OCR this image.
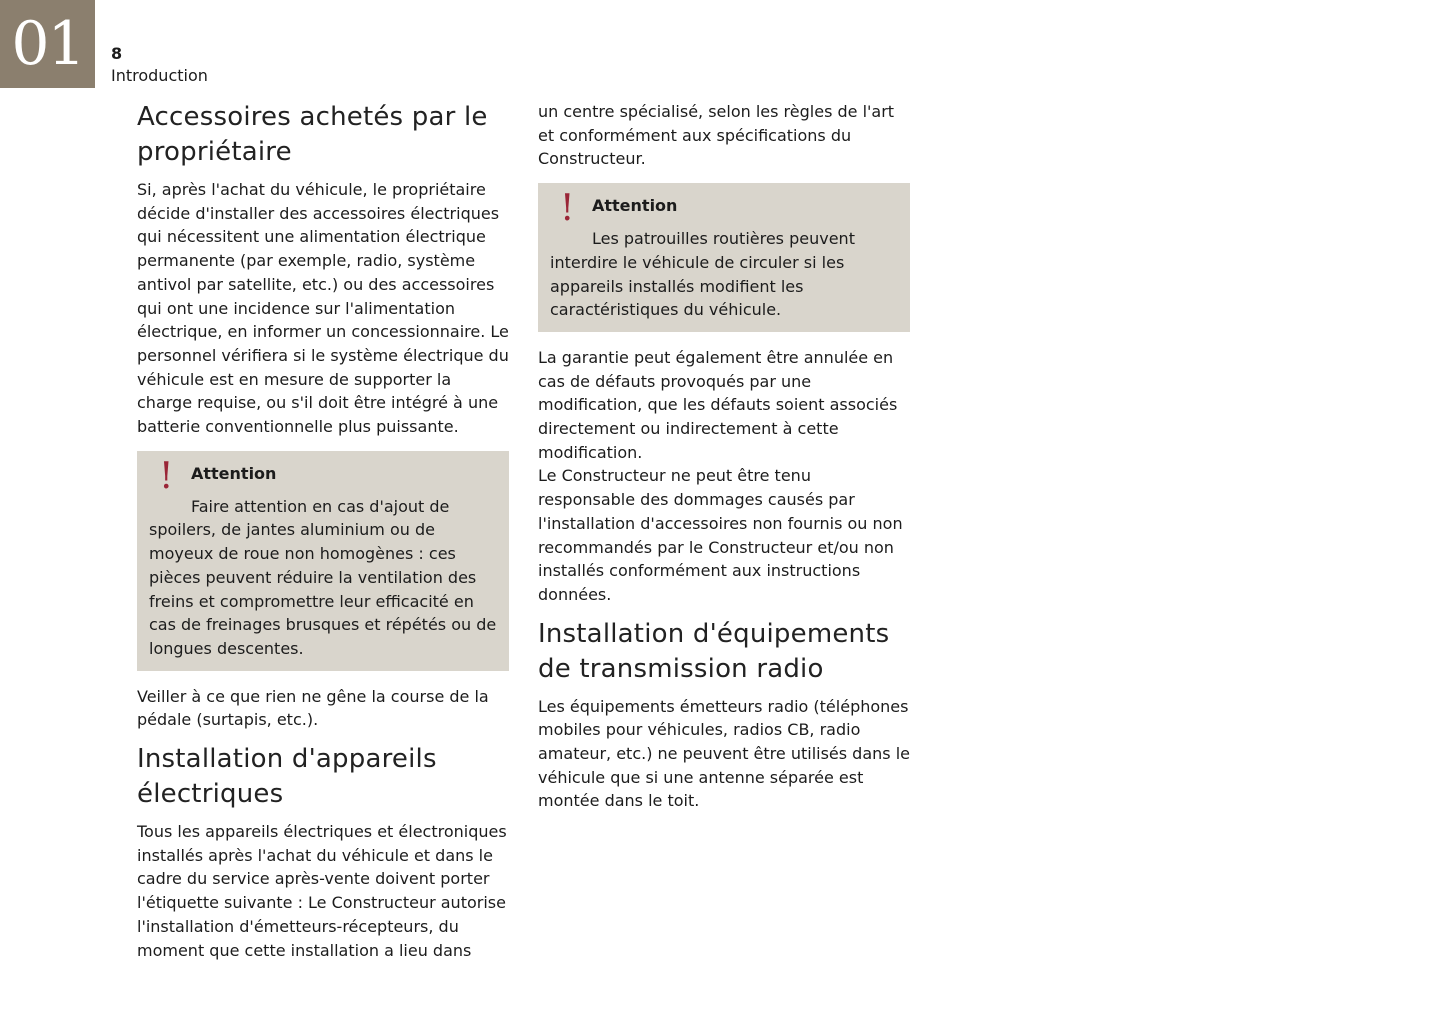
01	8
Introduction
Accessoires achetés par le propriétaire

Si, après l'achat du véhicule, le propriétaire décide d'installer des accessoires électriques qui nécessitent une alimentation électrique permanente (par exemple, radio, système antivol par satellite, etc.) ou des accessoires qui ont une incidence sur l'alimentation électrique, en informer un concessionnaire. Le personnel vérifiera si le système électrique du véhicule est en mesure de supporter la charge requise, ou s'il doit être intégré à une batterie conventionnelle plus puissante.

!	Attention
Faire attention en cas d'ajout de spoilers, de jantes aluminium ou de moyeux de roue non homogènes : ces pièces peuvent réduire la ventilation des freins et compromettre leur efficacité en cas de freinages brusques et répétés ou de longues descentes.

Veiller à ce que rien ne gêne la course de la pédale (surtapis, etc.).

Installation d'appareils électriques

Tous les appareils électriques et électroniques installés après l'achat du véhicule et dans le cadre du service après-vente doivent porter l'étiquette suivante : Le Constructeur autorise l'installation d'émetteurs-récepteurs, du moment que cette installation a lieu dans

un centre spécialisé, selon les règles de l'art et conformément aux spécifications du Constructeur.

!	Attention
Les patrouilles routières peuvent interdire le véhicule de circuler si les appareils installés modifient les caractéristiques du véhicule.

La garantie peut également être annulée en cas de défauts provoqués par une modification, que les défauts soient associés directement ou indirectement à cette modification.

Le Constructeur ne peut être tenu responsable des dommages causés par l'installation d'accessoires non fournis ou non recommandés par le Constructeur et/ou non installés conformément aux instructions données.

Installation d'équipements de transmission radio

Les équipements émetteurs radio (téléphones mobiles pour véhicules, radios CB, radio amateur, etc.) ne peuvent être utilisés dans le véhicule que si une antenne séparée est montée dans le toit.
